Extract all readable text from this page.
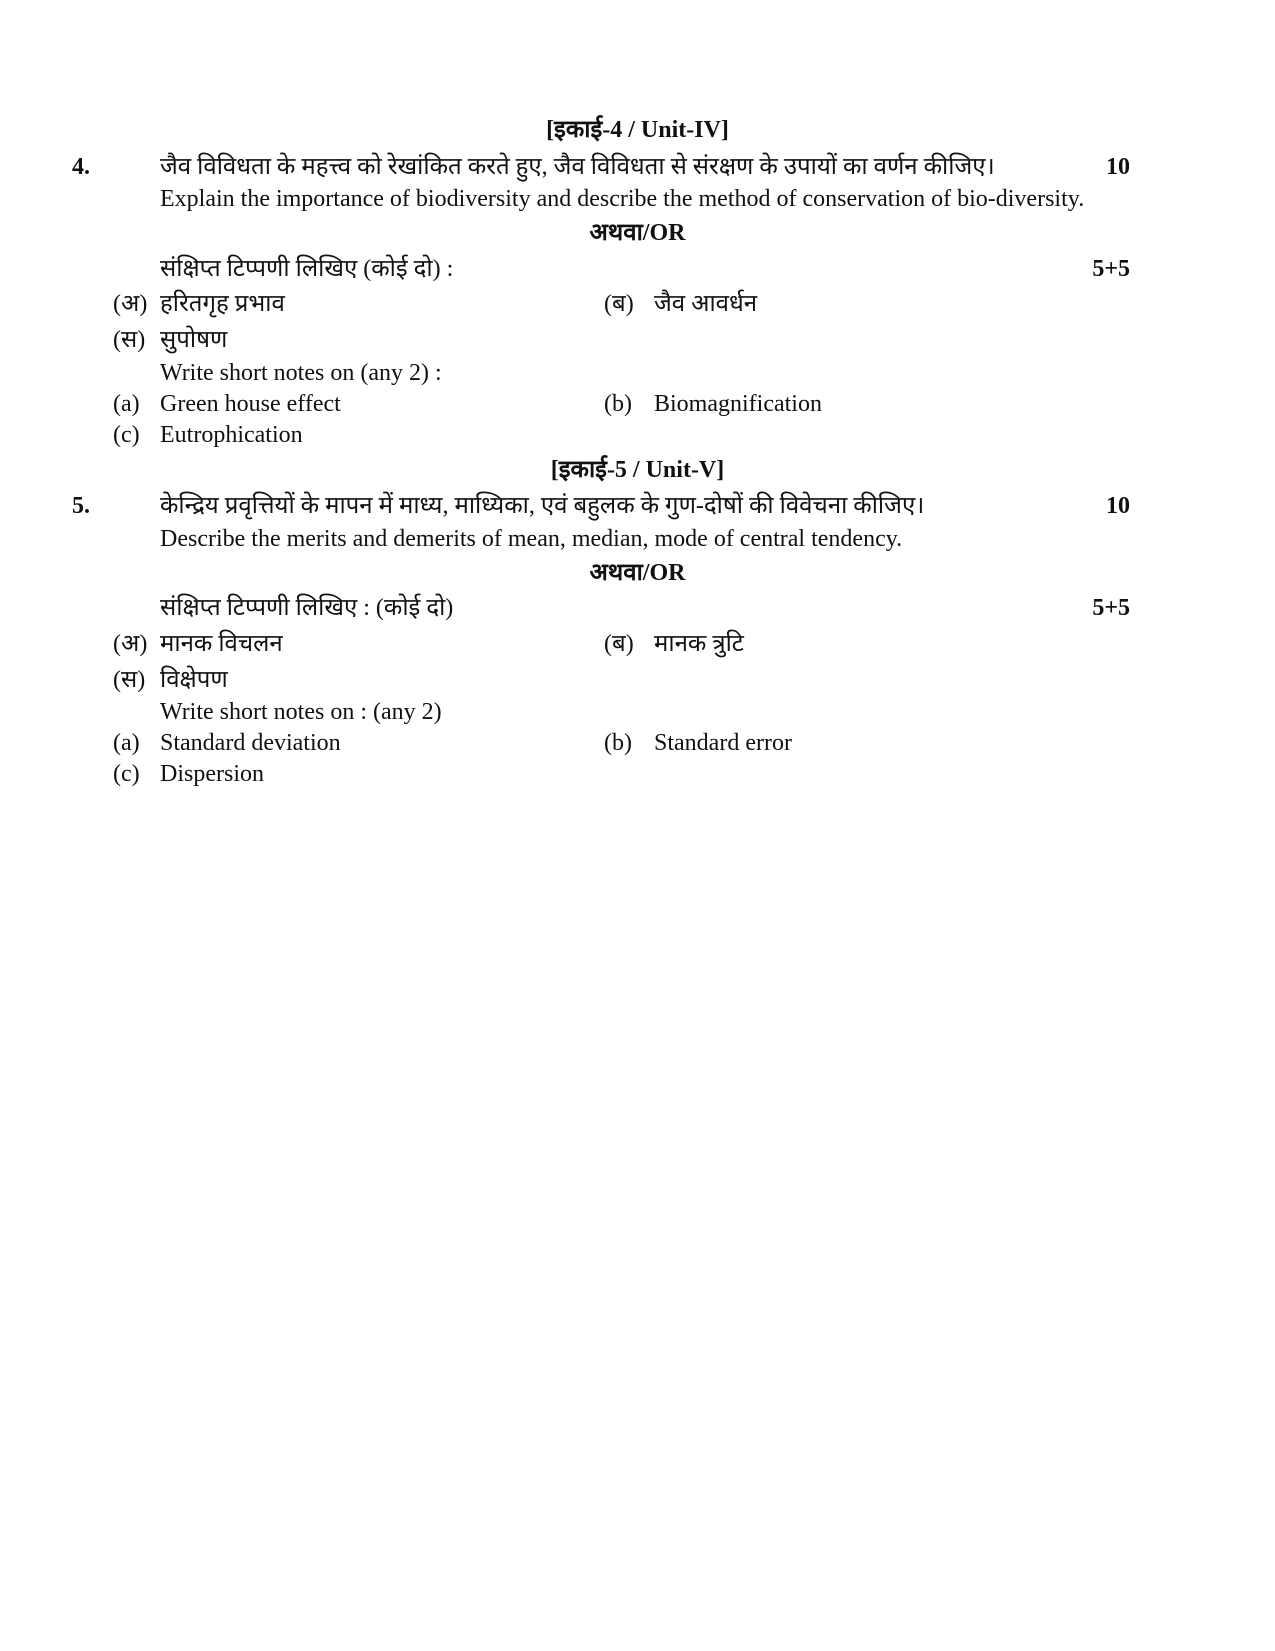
[इकाई-4 / Unit-IV]
4.	जैव विविधता के महत्त्व को रेखांकित करते हुए, जैव विविधता से संरक्षण के उपायों का वर्णन कीजिए।	10
Explain the importance of biodiversity and describe the method of conservation of bio-diversity.
अथवा/OR
संक्षिप्त टिप्पणी लिखिए (कोई दो) :	5+5
(अ) हरितगृह प्रभाव	(ब) जैव आवर्धन
(स) सुपोषण
Write short notes on (any 2) :
(a) Green house effect	(b) Biomagnification
(c) Eutrophication
[इकाई-5 / Unit-V]
5.	केन्द्रिय प्रवृत्तियों के मापन में माध्य, माध्यिका, एवं बहुलक के गुण-दोषों की विवेचना कीजिए।	10
Describe the merits and demerits of mean, median, mode of central tendency.
अथवा/OR
संक्षिप्त टिप्पणी लिखिए : (कोई दो)	5+5
(अ) मानक विचलन	(ब) मानक त्रुटि
(स) विक्षेपण
Write short notes on : (any 2)
(a) Standard deviation	(b) Standard error
(c) Dispersion
